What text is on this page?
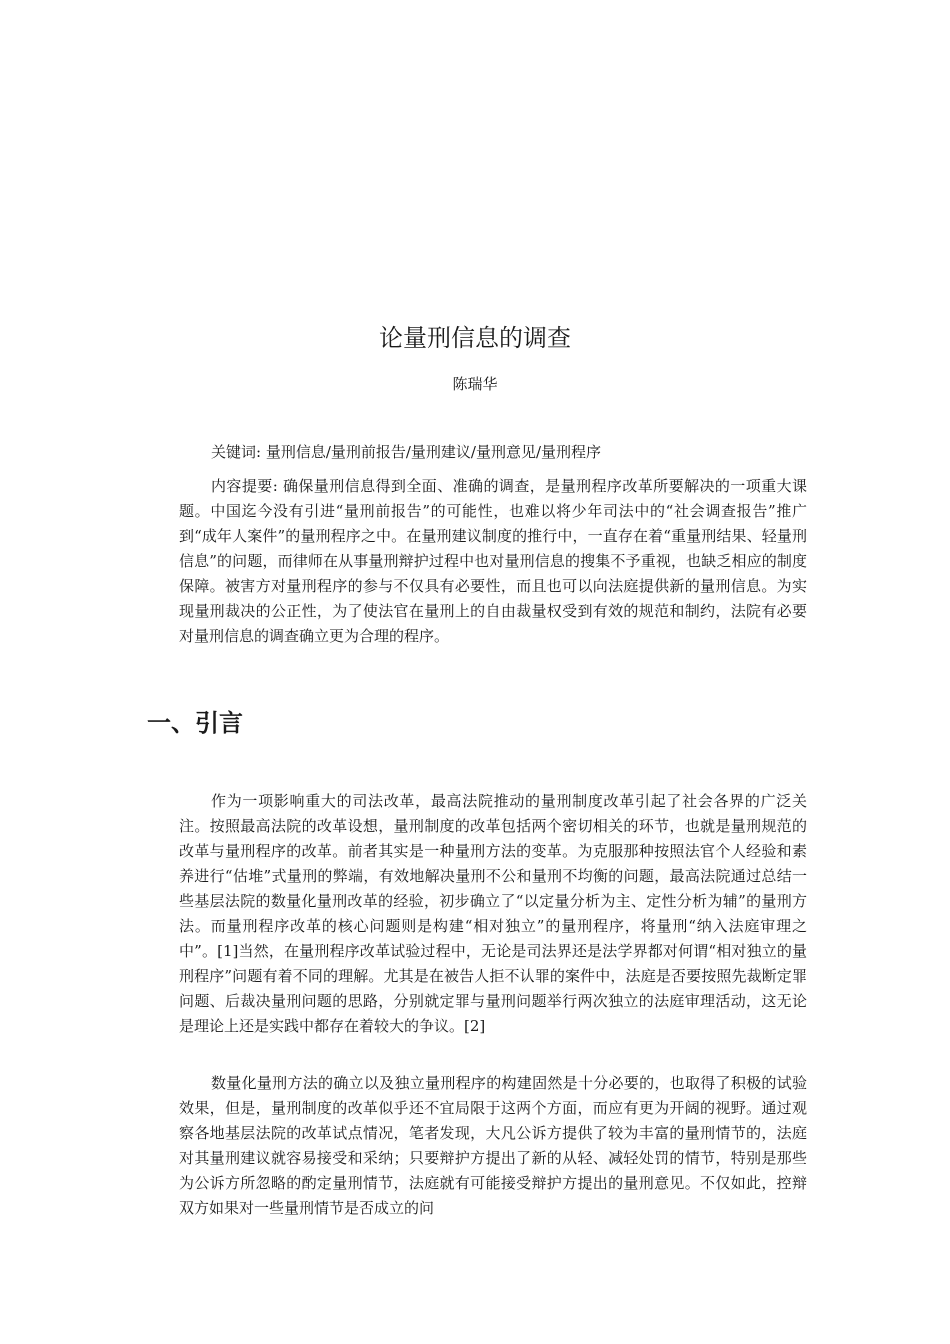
论量刑信息的调查
陈瑞华

关键词: 量刑信息/量刑前报告/量刑建议/量刑意见/量刑程序

内容提要: 确保量刑信息得到全面、准确的调查，是量刑程序改革所要解决的一项重大课题。中国迄今没有引进“量刑前报告”的可能性，也难以将少年司法中的“社会调查报告”推广到“成年人案件”的量刑程序之中。在量刑建议制度的推行中，一直存在着“重量刑结果、轻量刑信息”的问题，而律师在从事量刑辩护过程中也对量刑信息的搜集不予重视，也缺乏相应的制度保障。被害方对量刑程序的参与不仅具有必要性，而且也可以向法庭提供新的量刑信息。为实现量刑裁决的公正性，为了使法官在量刑上的自由裁量权受到有效的规范和制约，法院有必要对量刑信息的调查确立更为合理的程序。

一、引言

作为一项影响重大的司法改革，最高法院推动的量刑制度改革引起了社会各界的广泛关注。按照最高法院的改革设想，量刑制度的改革包括两个密切相关的环节，也就是量刑规范的改革与量刑程序的改革。前者其实是一种量刑方法的变革。为克服那种按照法官个人经验和素养进行“估堆”式量刑的弊端，有效地解决量刑不公和量刑不均衡的问题，最高法院通过总结一些基层法院的数量化量刑改革的经验，初步确立了“以定量分析为主、定性分析为辅”的量刑方法。而量刑程序改革的核心问题则是构建“相对独立”的量刑程序，将量刑“纳入法庭审理之中”。[1]当然，在量刑程序改革试验过程中，无论是司法界还是法学界都对何谓“相对独立的量刑程序”问题有着不同的理解。尤其是在被告人拒不认罪的案件中，法庭是否要按照先裁断定罪问题、后裁决量刑问题的思路，分别就定罪与量刑问题举行两次独立的法庭审理活动，这无论是理论上还是实践中都存在着较大的争议。[2]

数量化量刑方法的确立以及独立量刑程序的构建固然是十分必要的，也取得了积极的试验效果，但是，量刑制度的改革似乎还不宜局限于这两个方面，而应有更为开阔的视野。通过观察各地基层法院的改革试点情况，笔者发现，大凡公诉方提供了较为丰富的量刑情节的，法庭对其量刑建议就容易接受和采纳；只要辩护方提出了新的从轻、减轻处罚的情节，特别是那些为公诉方所忽略的酌定量刑情节，法庭就有可能接受辩护方提出的量刑意见。不仅如此，控辩双方如果对一些量刑情节是否成立的问
